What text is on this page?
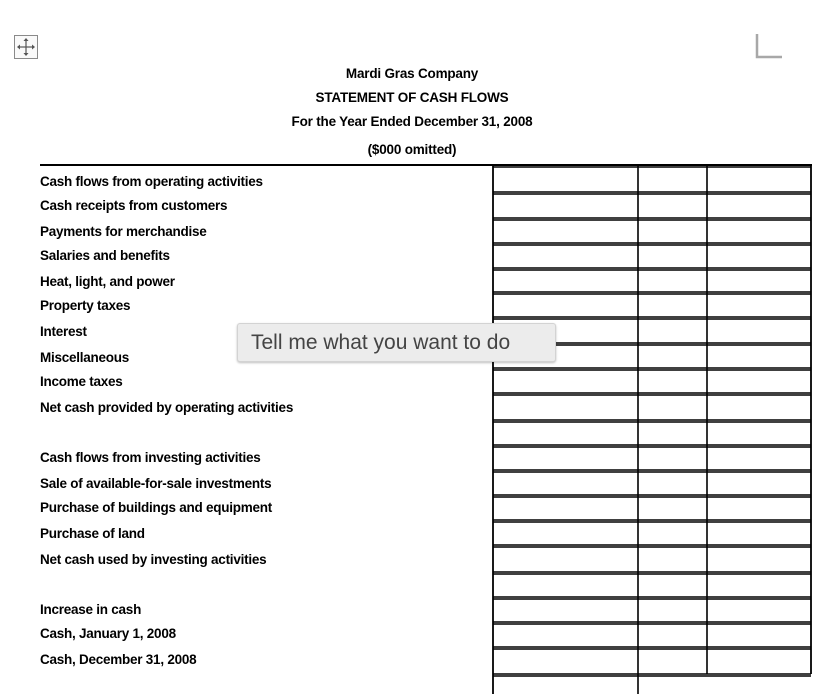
Mardi Gras Company
STATEMENT OF CASH FLOWS
For the Year Ended December 31, 2008
($000 omitted)
Cash flows from operating activities
Cash receipts from customers
Payments for merchandise
Salaries and benefits
Heat, light, and power
Property taxes
Interest
Miscellaneous
Income taxes
Net cash provided by operating activities
Cash flows from investing activities
Sale of available-for-sale investments
Purchase of buildings and equipment
Purchase of land
Net cash used by investing activities
Increase in cash
Cash, January 1, 2008
Cash, December 31, 2008
Tell me what you want to do
